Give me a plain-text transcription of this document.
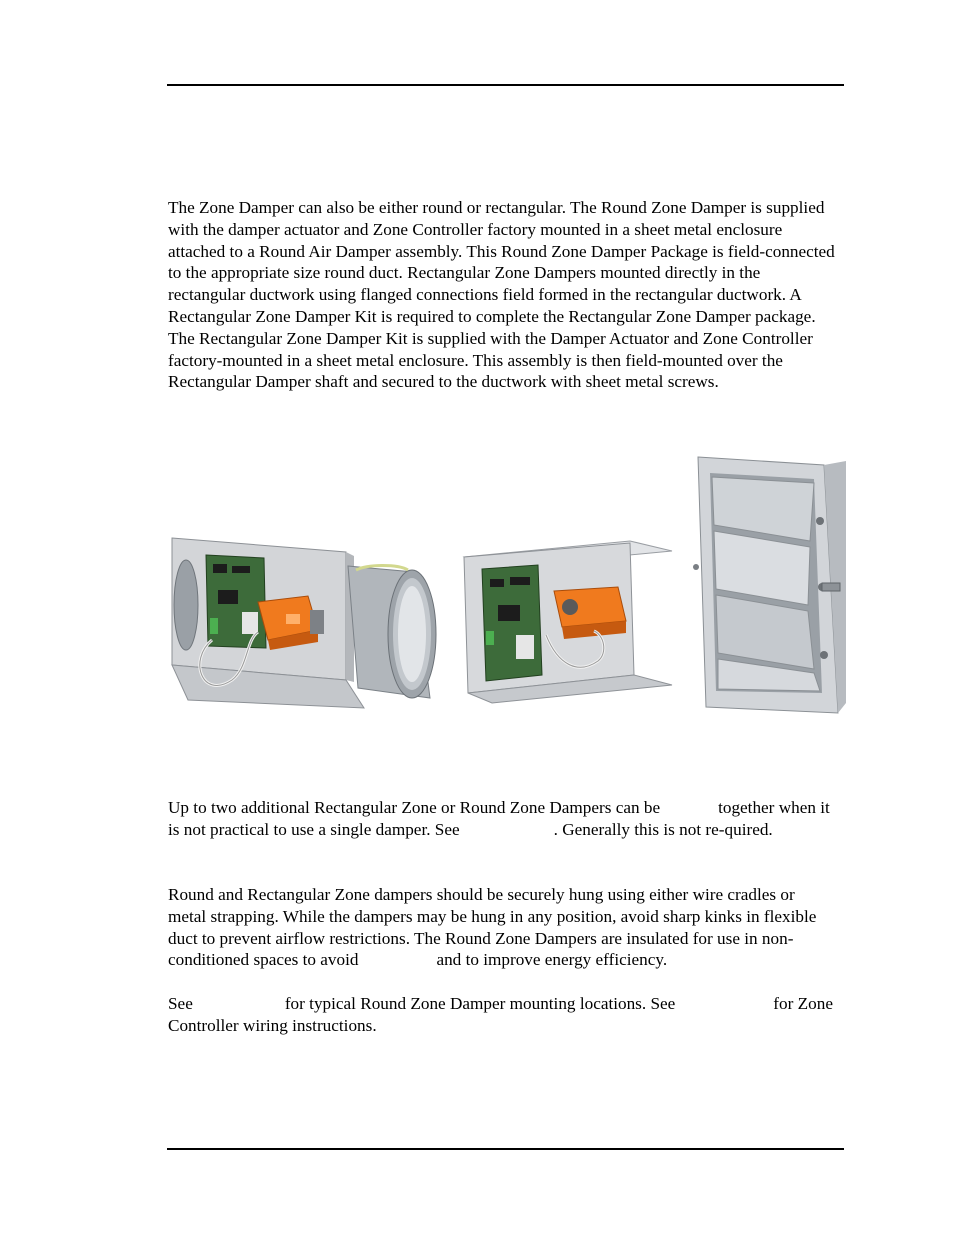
The Zone Damper can also be either round or rectangular. The Round Zone Damper is supplied with the damper actuator and Zone Controller factory mounted in a sheet metal enclosure attached to a Round Air Damper assembly. This Round Zone Damper Package is field-connected to the appropriate size round duct. Rectangular Zone Dampers mounted directly in the rectangular ductwork using flanged connections field formed in the rectangular ductwork. A Rectangular Zone Damper Kit is required to complete the Rectangular Zone Damper package. The Rectangular Zone Damper Kit is supplied with the Damper Actuator and Zone Controller factory-mounted in a sheet metal enclosure. This assembly is then field-mounted over the Rectangular Damper shaft and secured to the ductwork with sheet metal screws.

Up to two additional Rectangular Zone or Round Zone Dampers can be	together when it is not practical to use a single damper. See	. Generally this is not re-quired.

Round and Rectangular Zone dampers should be securely hung using either wire cradles or metal strapping. While the dampers may be hung in any position, avoid sharp kinks in flexible duct to prevent airflow restrictions. The Round Zone Dampers are insulated for use in non-conditioned spaces to avoid	and to improve energy efficiency.

See	for typical Round Zone Damper mounting locations. See	for Zone Controller wiring instructions.
